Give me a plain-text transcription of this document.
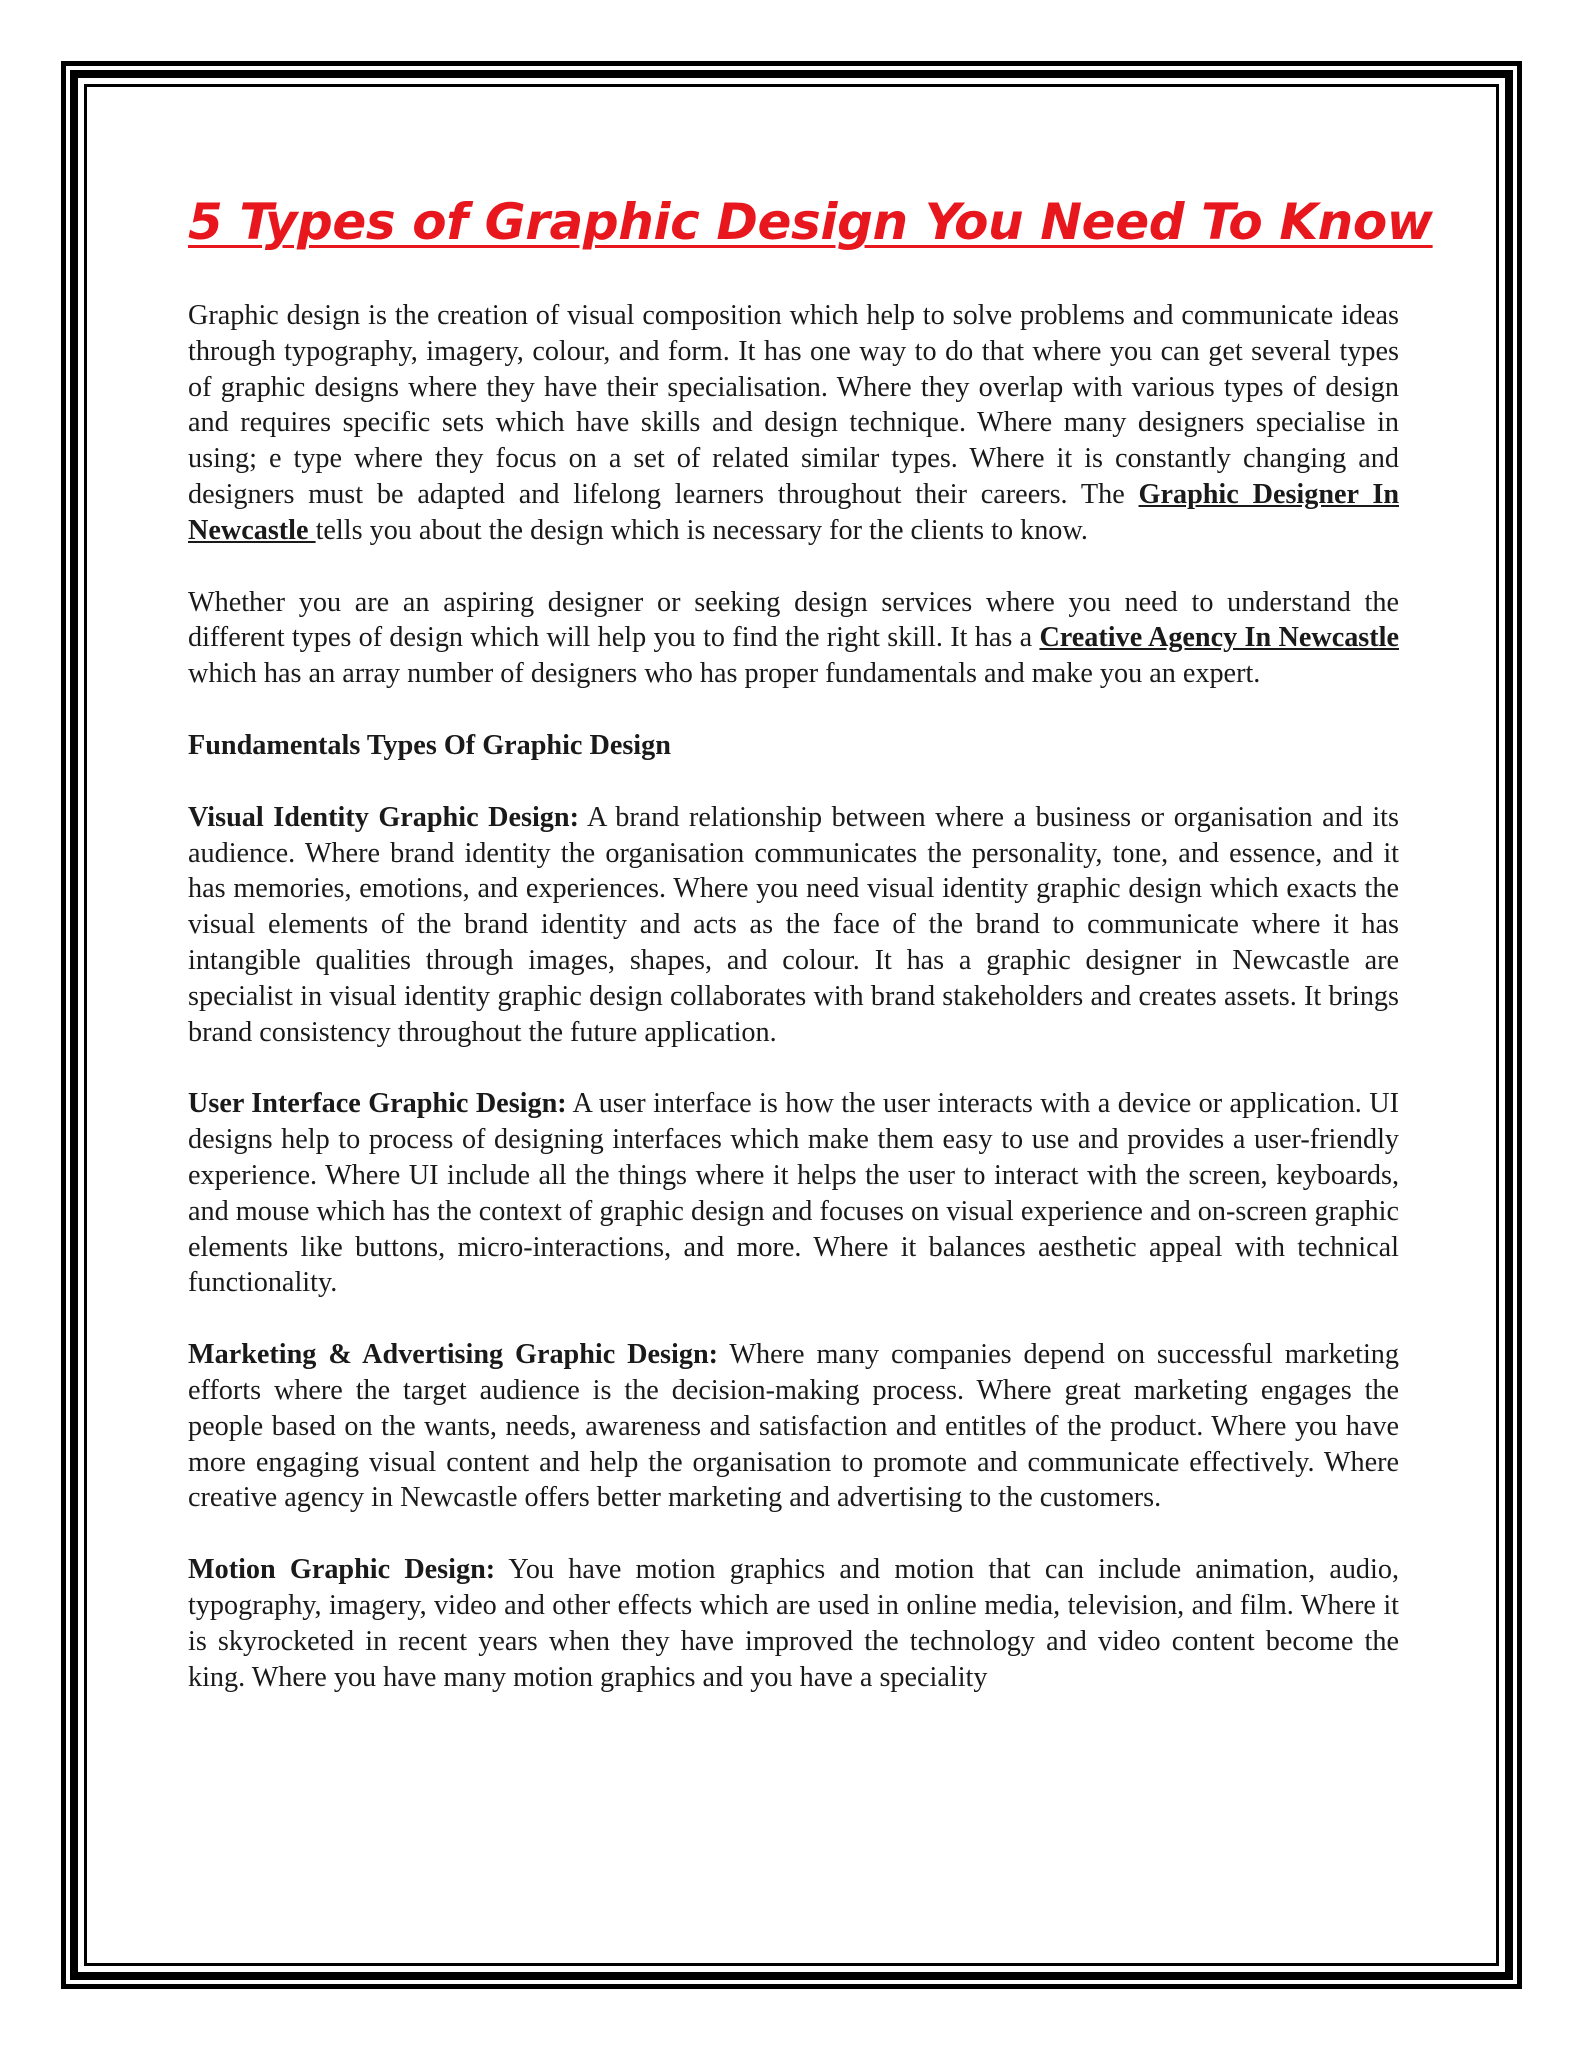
5 Types of Graphic Design You Need To Know

Graphic design is the creation of visual composition which help to solve problems and communicate ideas through typography, imagery, colour, and form. It has one way to do that where you can get several types of graphic designs where they have their specialisation. Where they overlap with various types of design and requires specific sets which have skills and design technique. Where many designers specialise in using; e type where they focus on a set of related similar types. Where it is constantly changing and designers must be adapted and lifelong learners throughout their careers. The Graphic Designer In Newcastle tells you about the design which is necessary for the clients to know.

Whether you are an aspiring designer or seeking design services where you need to understand the different types of design which will help you to find the right skill. It has a Creative Agency In Newcastle which has an array number of designers who has proper fundamentals and make you an expert.

Fundamentals Types Of Graphic Design

Visual Identity Graphic Design: A brand relationship between where a business or organisation and its audience. Where brand identity the organisation communicates the personality, tone, and essence, and it has memories, emotions, and experiences. Where you need visual identity graphic design which exacts the visual elements of the brand identity and acts as the face of the brand to communicate where it has intangible qualities through images, shapes, and colour. It has a graphic designer in Newcastle are specialist in visual identity graphic design collaborates with brand stakeholders and creates assets. It brings brand consistency throughout the future application.

User Interface Graphic Design: A user interface is how the user interacts with a device or application. UI designs help to process of designing interfaces which make them easy to use and provides a user-friendly experience. Where UI include all the things where it helps the user to interact with the screen, keyboards, and mouse which has the context of graphic design and focuses on visual experience and on-screen graphic elements like buttons, micro-interactions, and more. Where it balances aesthetic appeal with technical functionality.

Marketing & Advertising Graphic Design: Where many companies depend on successful marketing efforts where the target audience is the decision-making process. Where great marketing engages the people based on the wants, needs, awareness and satisfaction and entitles of the product. Where you have more engaging visual content and help the organisation to promote and communicate effectively. Where creative agency in Newcastle offers better marketing and advertising to the customers.

Motion Graphic Design: You have motion graphics and motion that can include animation, audio, typography, imagery, video and other effects which are used in online media, television, and film. Where it is skyrocketed in recent years when they have improved the technology and video content become the king. Where you have many motion graphics and you have a speciality
